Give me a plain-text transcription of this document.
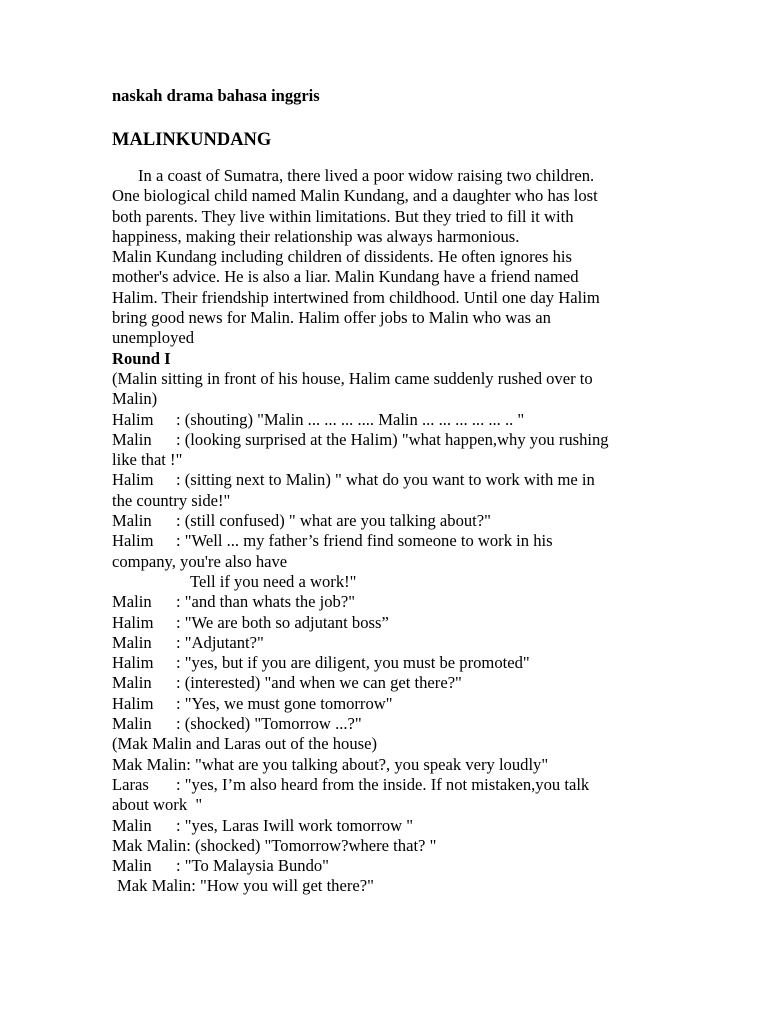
naskah drama bahasa inggris

MALINKUNDANG

In a coast of Sumatra, there lived a poor widow raising two children.

One biological child named Malin Kundang, and a daughter who has lost

both parents. They live within limitations. But they tried to fill it with

happiness, making their relationship was always harmonious.

Malin Kundang including children of dissidents. He often ignores his

mother's advice. He is also a liar. Malin Kundang have a friend named

Halim. Their friendship intertwined from childhood. Until one day Halim

bring good news for Malin. Halim offer jobs to Malin who was an

unemployed

Round I

(Malin sitting in front of his house, Halim came suddenly rushed over to

Malin)

Halim : (shouting) "Malin ... ... ... .... Malin ... ... ... ... ... .. "

Malin : (looking surprised at the Halim) "what happen,why you rushing

like that !"

Halim : (sitting next to Malin) " what do you want to work with me in

the country side!"

Malin : (still confused) " what are you talking about?"

Halim : "Well ... my father’s friend find someone to work in his

company, you're also have

Tell if you need a work!"

Malin : "and than whats the job?"

Halim : "We are both so adjutant boss”

Malin : "Adjutant?"

Halim : "yes, but if you are diligent, you must be promoted"

Malin : (interested) "and when we can get there?"

Halim : "Yes, we must gone tomorrow"

Malin : (shocked) "Tomorrow ...?"

(Mak Malin and Laras out of the house)

Mak Malin: "what are you talking about?, you speak very loudly"

Laras : "yes, I’m also heard from the inside. If not mistaken,you talk

about work  "

Malin : "yes, Laras Iwill work tomorrow "

Mak Malin: (shocked) "Tomorrow?where that? "

Malin : "To Malaysia Bundo"

Mak Malin: "How you will get there?"
